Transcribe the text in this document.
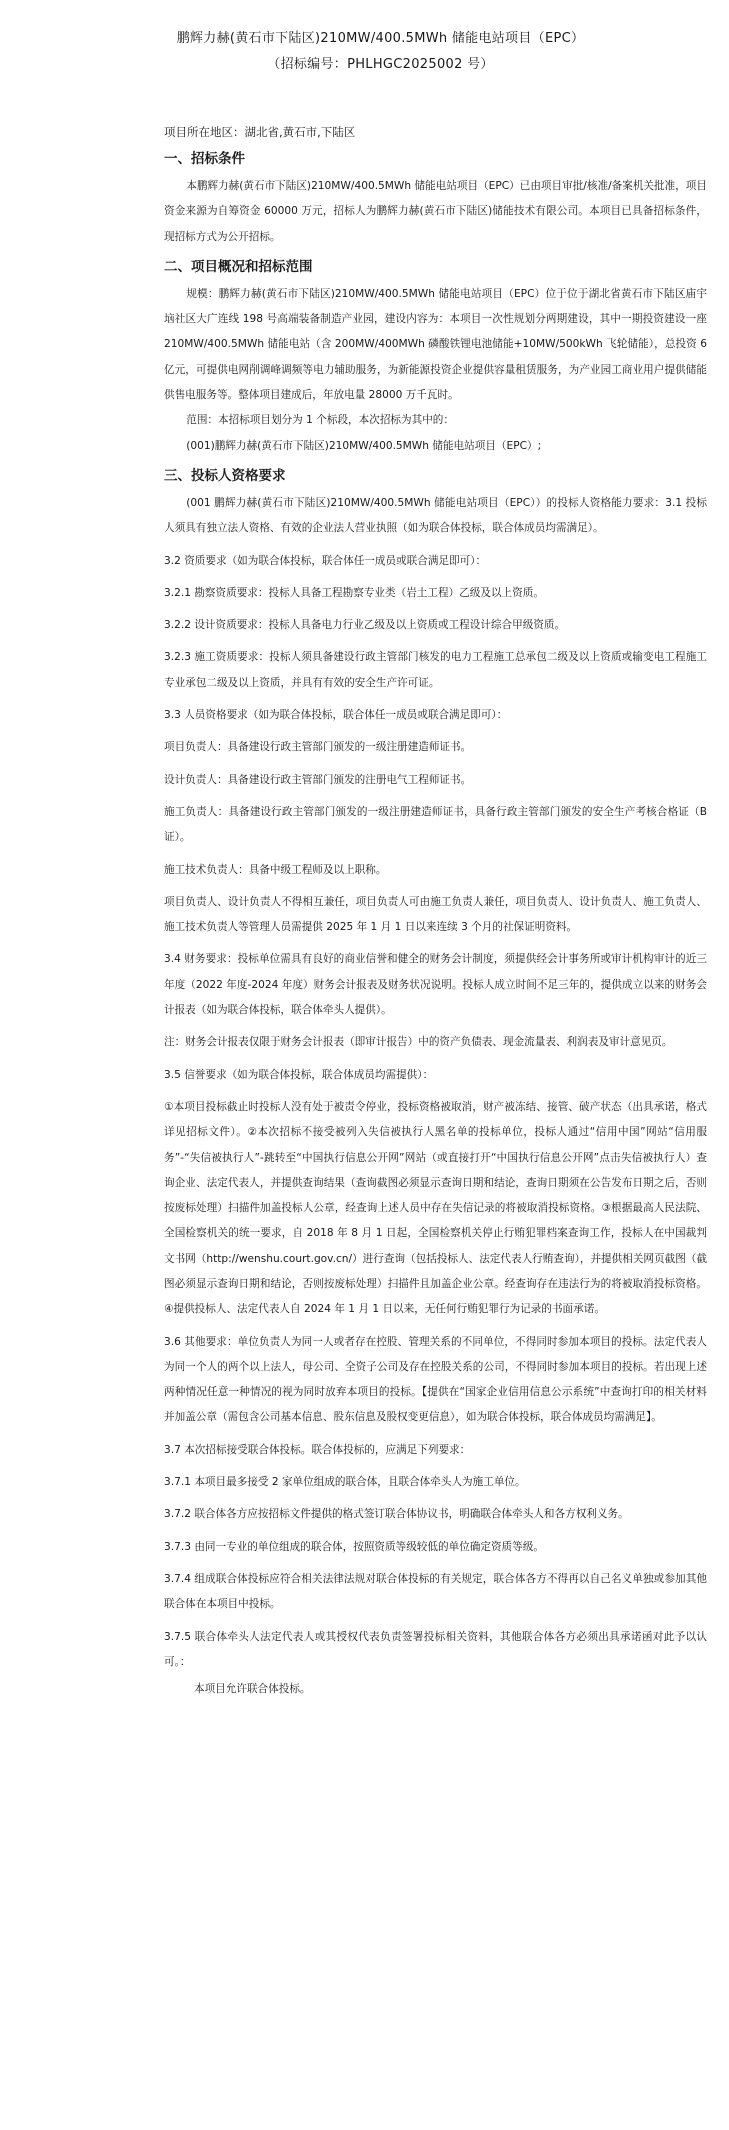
鹏辉力赫(黄石市下陆区)210MW/400.5MWh 储能电站项目（EPC）
（招标编号：PHLHGC2025002 号）
项目所在地区：湖北省,黄石市,下陆区
一、招标条件

本鹏辉力赫(黄石市下陆区)210MW/400.5MWh 储能电站项目（EPC）已由项目审批/核准/备案机关批准，项目资金来源为自筹资金 60000 万元，招标人为鹏辉力赫(黄石市下陆区)储能技术有限公司。本项目已具备招标条件，现招标方式为公开招标。

二、项目概况和招标范围

规模：鹏辉力赫(黄石市下陆区)210MW/400.5MWh 储能电站项目（EPC）位于位于湖北省黄石市下陆区庙宇垴社区大广连线 198 号高端装备制造产业园，建设内容为：本项目一次性规划分两期建设，其中一期投资建设一座 210MW/400.5MWh 储能电站（含 200MW/400MWh 磷酸铁锂电池储能+10MW/500kWh 飞轮储能），总投资 6 亿元，可提供电网削调峰调频等电力辅助服务，为新能源投资企业提供容量租赁服务，为产业园工商业用户提供储能供售电服务等。整体项目建成后，年放电量 28000 万千瓦时。

范围：本招标项目划分为 1 个标段，本次招标为其中的：

(001)鹏辉力赫(黄石市下陆区)210MW/400.5MWh 储能电站项目（EPC）;

三、投标人资格要求

(001 鹏辉力赫(黄石市下陆区)210MW/400.5MWh 储能电站项目（EPC））的投标人资格能力要求：3.1 投标人须具有独立法人资格、有效的企业法人营业执照（如为联合体投标，联合体成员均需满足）。

3.2 资质要求（如为联合体投标，联合体任一成员或联合满足即可）：

3.2.1 勘察资质要求：投标人具备工程勘察专业类（岩土工程）乙级及以上资质。

3.2.2 设计资质要求：投标人具备电力行业乙级及以上资质或工程设计综合甲级资质。

3.2.3 施工资质要求：投标人须具备建设行政主管部门核发的电力工程施工总承包二级及以上资质或输变电工程施工专业承包二级及以上资质，并具有有效的安全生产许可证。

3.3 人员资格要求（如为联合体投标，联合体任一成员或联合满足即可）：

项目负责人：具备建设行政主管部门颁发的一级注册建造师证书。

设计负责人：具备建设行政主管部门颁发的注册电气工程师证书。

施工负责人：具备建设行政主管部门颁发的一级注册建造师证书，具备行政主管部门颁发的安全生产考核合格证（B 证）。

施工技术负责人：具备中级工程师及以上职称。

项目负责人、设计负责人不得相互兼任，项目负责人可由施工负责人兼任，项目负责人、设计负责人、施工负责人、施工技术负责人等管理人员需提供 2025 年 1 月 1 日以来连续 3 个月的社保证明资料。

3.4 财务要求：投标单位需具有良好的商业信誉和健全的财务会计制度，须提供经会计事务所或审计机构审计的近三年度（2022 年度-2024 年度）财务会计报表及财务状况说明。投标人成立时间不足三年的，提供成立以来的财务会计报表（如为联合体投标，联合体牵头人提供）。

注：财务会计报表仅限于财务会计报表（即审计报告）中的资产负债表、现金流量表、利润表及审计意见页。

3.5 信誉要求（如为联合体投标，联合体成员均需提供）：

①本项目投标截止时投标人没有处于被责令停业，投标资格被取消，财产被冻结、接管、破产状态（出具承诺，格式详见招标文件）。②本次招标不接受被列入失信被执行人黑名单的投标单位，投标人通过“信用中国”网站“信用服务”-“失信被执行人”-跳转至“中国执行信息公开网”网站（或直接打开“中国执行信息公开网”点击失信被执行人）查询企业、法定代表人，并提供查询结果（查询截图必须显示查询日期和结论，查询日期须在公告发布日期之后，否则按废标处理）扫描件加盖投标人公章，经查询上述人员中存在失信记录的将被取消投标资格。③根据最高人民法院、全国检察机关的统一要求，自 2018 年 8 月 1 日起，全国检察机关停止行贿犯罪档案查询工作，投标人在中国裁判文书网（http://wenshu.court.gov.cn/）进行查询（包括投标人、法定代表人行贿查询），并提供相关网页截图（截图必须显示查询日期和结论，否则按废标处理）扫描件且加盖企业公章。经查询存在违法行为的将被取消投标资格。④提供投标人、法定代表人自 2024 年 1 月 1 日以来，无任何行贿犯罪行为记录的书面承诺。

3.6 其他要求：单位负责人为同一人或者存在控股、管理关系的不同单位，不得同时参加本项目的投标。法定代表人为同一个人的两个以上法人，母公司、全资子公司及存在控股关系的公司，不得同时参加本项目的投标。若出现上述两种情况任意一种情况的视为同时放弃本项目的投标。【提供在“国家企业信用信息公示系统”中查询打印的相关材料并加盖公章（需包含公司基本信息、股东信息及股权变更信息），如为联合体投标，联合体成员均需满足】。

3.7 本次招标接受联合体投标。联合体投标的，应满足下列要求：

3.7.1 本项目最多接受 2 家单位组成的联合体，且联合体牵头人为施工单位。

3.7.2 联合体各方应按招标文件提供的格式签订联合体协议书，明确联合体牵头人和各方权利义务。

3.7.3 由同一专业的单位组成的联合体，按照资质等级较低的单位确定资质等级。

3.7.4 组成联合体投标应符合相关法律法规对联合体投标的有关规定，联合体各方不得再以自己名义单独或参加其他联合体在本项目中投标。

3.7.5 联合体牵头人法定代表人或其授权代表负责签署投标相关资料，其他联合体各方必须出具承诺函对此予以认可。：

本项目允许联合体投标。
